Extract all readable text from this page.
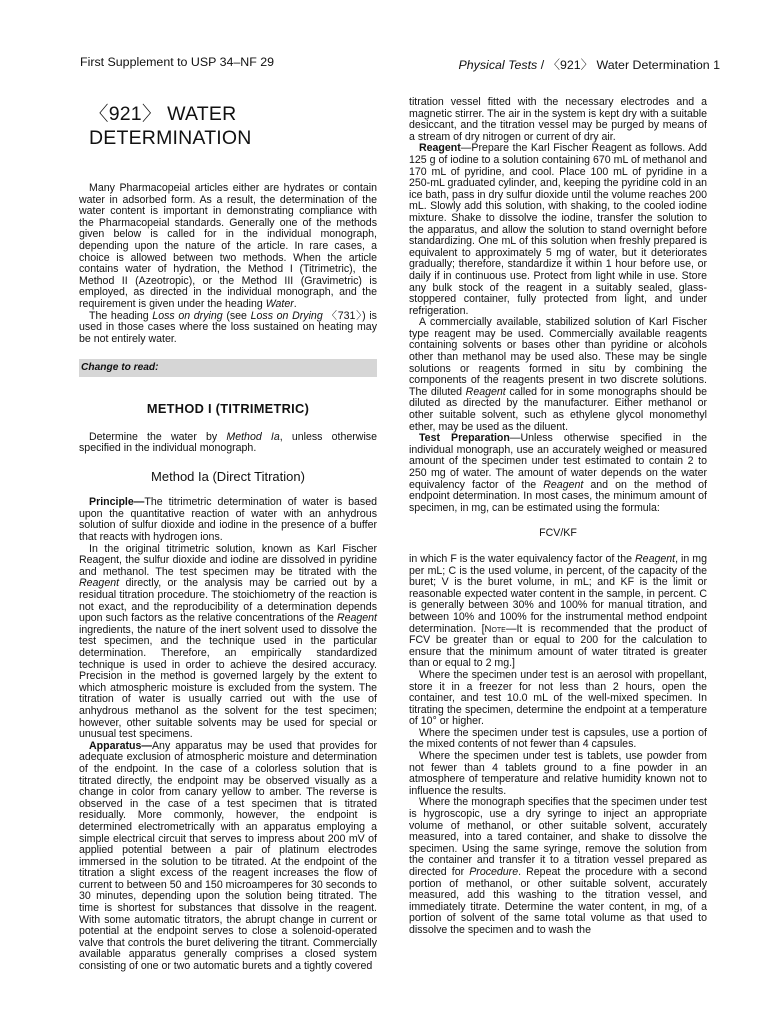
First Supplement to USP 34–NF 29	Physical Tests / 〈921〉 Water Determination 1
〈921〉 WATER DETERMINATION

Many Pharmacopeial articles either are hydrates or contain water in adsorbed form. As a result, the determination of the water content is important in demonstrating compliance with the Pharmacopeial standards. Generally one of the methods given below is called for in the individual monograph, depending upon the nature of the article. In rare cases, a choice is allowed between two methods. When the article contains water of hydration, the Method I (Titrimetric), the Method II (Azeotropic), or the Method III (Gravimetric) is employed, as directed in the individual monograph, and the requirement is given under the heading Water.

The heading Loss on drying (see Loss on Drying 〈731〉) is used in those cases where the loss sustained on heating may be not entirely water.

Change to read:
METHOD I (TITRIMETRIC)

Determine the water by Method Ia, unless otherwise specified in the individual monograph.

Method Ia (Direct Titration)

Principle—The titrimetric determination of water is based upon the quantitative reaction of water with an anhydrous solution of sulfur dioxide and iodine in the presence of a buffer that reacts with hydrogen ions.

In the original titrimetric solution, known as Karl Fischer Reagent, the sulfur dioxide and iodine are dissolved in pyridine and methanol. The test specimen may be titrated with the Reagent directly, or the analysis may be carried out by a residual titration procedure. The stoichiometry of the reaction is not exact, and the reproducibility of a determination depends upon such factors as the relative concentrations of the Reagent ingredients, the nature of the inert solvent used to dissolve the test specimen, and the technique used in the particular determination. Therefore, an empirically standardized technique is used in order to achieve the desired accuracy. Precision in the method is governed largely by the extent to which atmospheric moisture is excluded from the system. The titration of water is usually carried out with the use of anhydrous methanol as the solvent for the test specimen; however, other suitable solvents may be used for special or unusual test specimens.

Apparatus—Any apparatus may be used that provides for adequate exclusion of atmospheric moisture and determination of the endpoint. In the case of a colorless solution that is titrated directly, the endpoint may be observed visually as a change in color from canary yellow to amber. The reverse is observed in the case of a test specimen that is titrated residually. More commonly, however, the endpoint is determined electrometrically with an apparatus employing a simple electrical circuit that serves to impress about 200 mV of applied potential between a pair of platinum electrodes immersed in the solution to be titrated. At the endpoint of the titration a slight excess of the reagent increases the flow of current to between 50 and 150 microamperes for 30 seconds to 30 minutes, depending upon the solution being titrated. The time is shortest for substances that dissolve in the reagent. With some automatic titrators, the abrupt change in current or potential at the endpoint serves to close a solenoid-operated valve that controls the buret delivering the titrant. Commercially available apparatus generally comprises a closed system consisting of one or two automatic burets and a tightly covered

titration vessel fitted with the necessary electrodes and a magnetic stirrer. The air in the system is kept dry with a suitable desiccant, and the titration vessel may be purged by means of a stream of dry nitrogen or current of dry air.

Reagent—Prepare the Karl Fischer Reagent as follows. Add 125 g of iodine to a solution containing 670 mL of methanol and 170 mL of pyridine, and cool. Place 100 mL of pyridine in a 250-mL graduated cylinder, and, keeping the pyridine cold in an ice bath, pass in dry sulfur dioxide until the volume reaches 200 mL. Slowly add this solution, with shaking, to the cooled iodine mixture. Shake to dissolve the iodine, transfer the solution to the apparatus, and allow the solution to stand overnight before standardizing. One mL of this solution when freshly prepared is equivalent to approximately 5 mg of water, but it deteriorates gradually; therefore, standardize it within 1 hour before use, or daily if in continuous use. Protect from light while in use. Store any bulk stock of the reagent in a suitably sealed, glass-stoppered container, fully protected from light, and under refrigeration.

A commercially available, stabilized solution of Karl Fischer type reagent may be used. Commercially available reagents containing solvents or bases other than pyridine or alcohols other than methanol may be used also. These may be single solutions or reagents formed in situ by combining the components of the reagents present in two discrete solutions. The diluted Reagent called for in some monographs should be diluted as directed by the manufacturer. Either methanol or other suitable solvent, such as ethylene glycol monomethyl ether, may be used as the diluent.

Test Preparation—Unless otherwise specified in the individual monograph, use an accurately weighed or measured amount of the specimen under test estimated to contain 2 to 250 mg of water. The amount of water depends on the water equivalency factor of the Reagent and on the method of endpoint determination. In most cases, the minimum amount of specimen, in mg, can be estimated using the formula:

FCV/KF

in which F is the water equivalency factor of the Reagent, in mg per mL; C is the used volume, in percent, of the capacity of the buret; V is the buret volume, in mL; and KF is the limit or reasonable expected water content in the sample, in percent. C is generally between 30% and 100% for manual titration, and between 10% and 100% for the instrumental method endpoint determination. [Note—It is recommended that the product of FCV be greater than or equal to 200 for the calculation to ensure that the minimum amount of water titrated is greater than or equal to 2 mg.]

Where the specimen under test is an aerosol with propellant, store it in a freezer for not less than 2 hours, open the container, and test 10.0 mL of the well-mixed specimen. In titrating the specimen, determine the endpoint at a temperature of 10° or higher.

Where the specimen under test is capsules, use a portion of the mixed contents of not fewer than 4 capsules.

Where the specimen under test is tablets, use powder from not fewer than 4 tablets ground to a fine powder in an atmosphere of temperature and relative humidity known not to influence the results.

Where the monograph specifies that the specimen under test is hygroscopic, use a dry syringe to inject an appropriate volume of methanol, or other suitable solvent, accurately measured, into a tared container, and shake to dissolve the specimen. Using the same syringe, remove the solution from the container and transfer it to a titration vessel prepared as directed for Procedure. Repeat the procedure with a second portion of methanol, or other suitable solvent, accurately measured, add this washing to the titration vessel, and immediately titrate. Determine the water content, in mg, of a portion of solvent of the same total volume as that used to dissolve the specimen and to wash the
